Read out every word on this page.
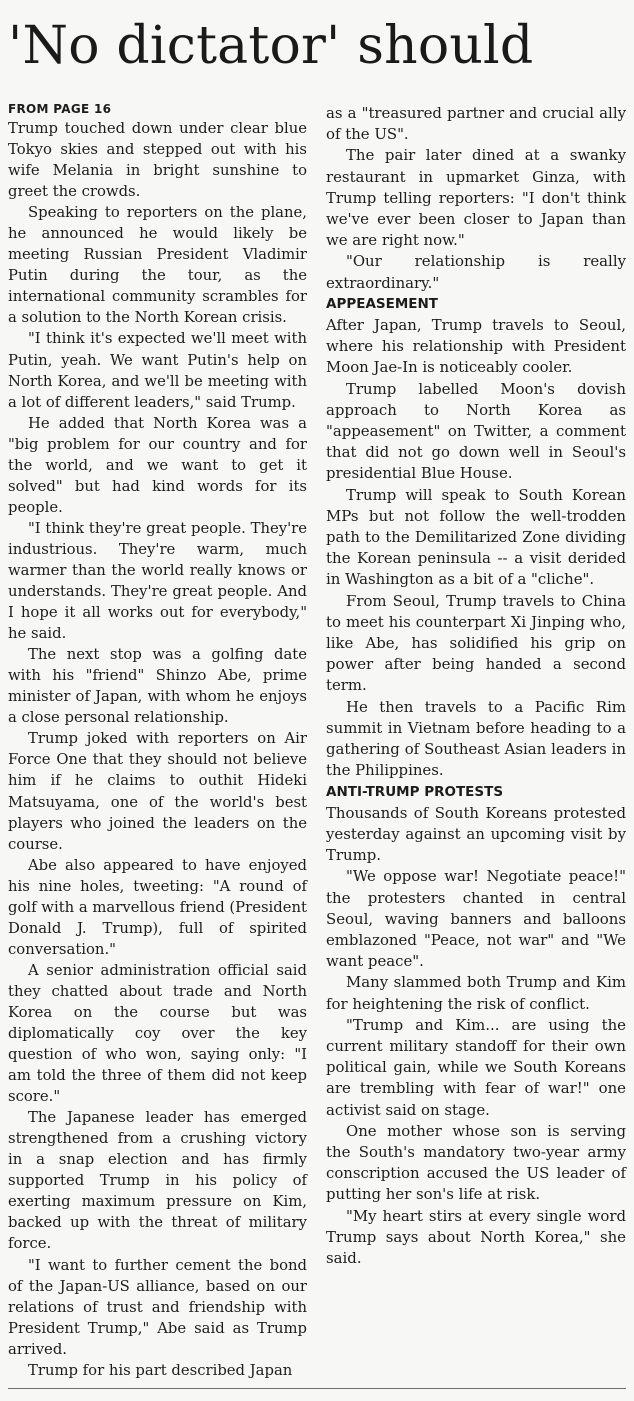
'No dictator' should
FROM PAGE 16

Trump touched down under clear blue Tokyo skies and stepped out with his wife Melania in bright sunshine to greet the crowds.

Speaking to reporters on the plane, he announced he would likely be meeting Russian President Vladimir Putin during the tour, as the international community scrambles for a solution to the North Korean crisis.

"I think it's expected we'll meet with Putin, yeah. We want Putin's help on North Korea, and we'll be meeting with a lot of different leaders," said Trump.

He added that North Korea was a "big problem for our country and for the world, and we want to get it solved" but had kind words for its people.

"I think they're great people. They're industrious. They're warm, much warmer than the world really knows or understands. They're great people. And I hope it all works out for everybody," he said.

The next stop was a golfing date with his "friend" Shinzo Abe, prime minister of Japan, with whom he enjoys a close personal relationship.

Trump joked with reporters on Air Force One that they should not believe him if he claims to outhit Hideki Matsuyama, one of the world's best players who joined the leaders on the course.

Abe also appeared to have enjoyed his nine holes, tweeting: "A round of golf with a marvellous friend (President Donald J. Trump), full of spirited conversation."

A senior administration official said they chatted about trade and North Korea on the course but was diplomatically coy over the key question of who won, saying only: "I am told the three of them did not keep score."

The Japanese leader has emerged strengthened from a crushing victory in a snap election and has firmly supported Trump in his policy of exerting maximum pressure on Kim, backed up with the threat of military force.

"I want to further cement the bond of the Japan-US alliance, based on our relations of trust and friendship with President Trump," Abe said as Trump arrived.

Trump for his part described Japan

as a "treasured partner and crucial ally of the US".

The pair later dined at a swanky restaurant in upmarket Ginza, with Trump telling reporters: "I don't think we've ever been closer to Japan than we are right now."

"Our relationship is really extraordinary."

APPEASEMENT

After Japan, Trump travels to Seoul, where his relationship with President Moon Jae-In is noticeably cooler.

Trump labelled Moon's dovish approach to North Korea as "appeasement" on Twitter, a comment that did not go down well in Seoul's presidential Blue House.

Trump will speak to South Korean MPs but not follow the well-trodden path to the Demilitarized Zone dividing the Korean peninsula -- a visit derided in Washington as a bit of a "cliche".

From Seoul, Trump travels to China to meet his counterpart Xi Jinping who, like Abe, has solidified his grip on power after being handed a second term.

He then travels to a Pacific Rim summit in Vietnam before heading to a gathering of Southeast Asian leaders in the Philippines.

ANTI-TRUMP PROTESTS

Thousands of South Koreans protested yesterday against an upcoming visit by Trump.

"We oppose war! Negotiate peace!" the protesters chanted in central Seoul, waving banners and balloons emblazoned "Peace, not war" and "We want peace".

Many slammed both Trump and Kim for heightening the risk of conflict.

"Trump and Kim... are using the current military standoff for their own political gain, while we South Koreans are trembling with fear of war!" one activist said on stage.

One mother whose son is serving the South's mandatory two-year army conscription accused the US leader of putting her son's life at risk.

"My heart stirs at every single word Trump says about North Korea," she said.
